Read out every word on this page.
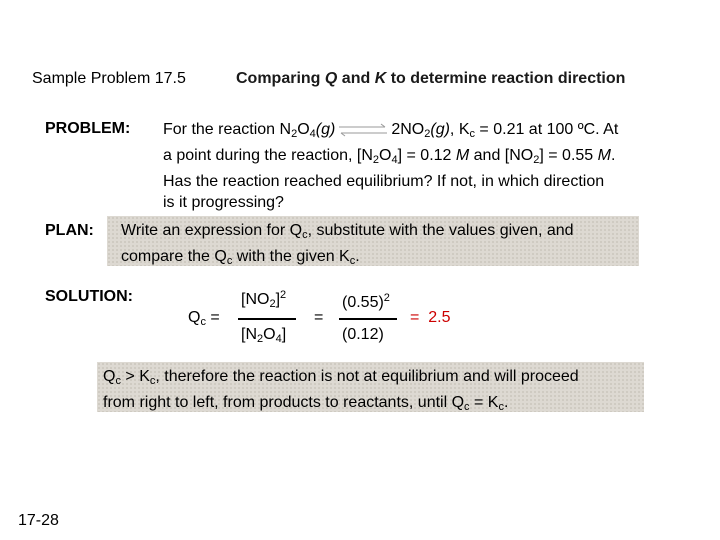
Sample Problem 17.5	Comparing Q and K to determine reaction direction
PROBLEM: For the reaction $N_2O_4(g)\rightleftharpoons 2NO_2(g)$, $K_c = 0.21$ at 100 ºC. At
a point during the reaction, $[N_2O_4] = 0.12$ M and $[NO_2] = 0.55$ M.
Has the reaction reached equilibrium? If not, in which direction
is it progressing?
PLAN: Write an expression for $Q_c$, substitute with the values given, and
compare the $Q_c$ with the given $K_c$.
SOLUTION:
$Q_c$ =
$[NO_2]^2$
$[N_2O_4]$
=
$(0.55)^2$
(0.12)
= 2.5
$Q_c > K_c$, therefore the reaction is not at equilibrium and will proceed
from right to left, from products to reactants, until $Q_c = K_c$.
17-28
